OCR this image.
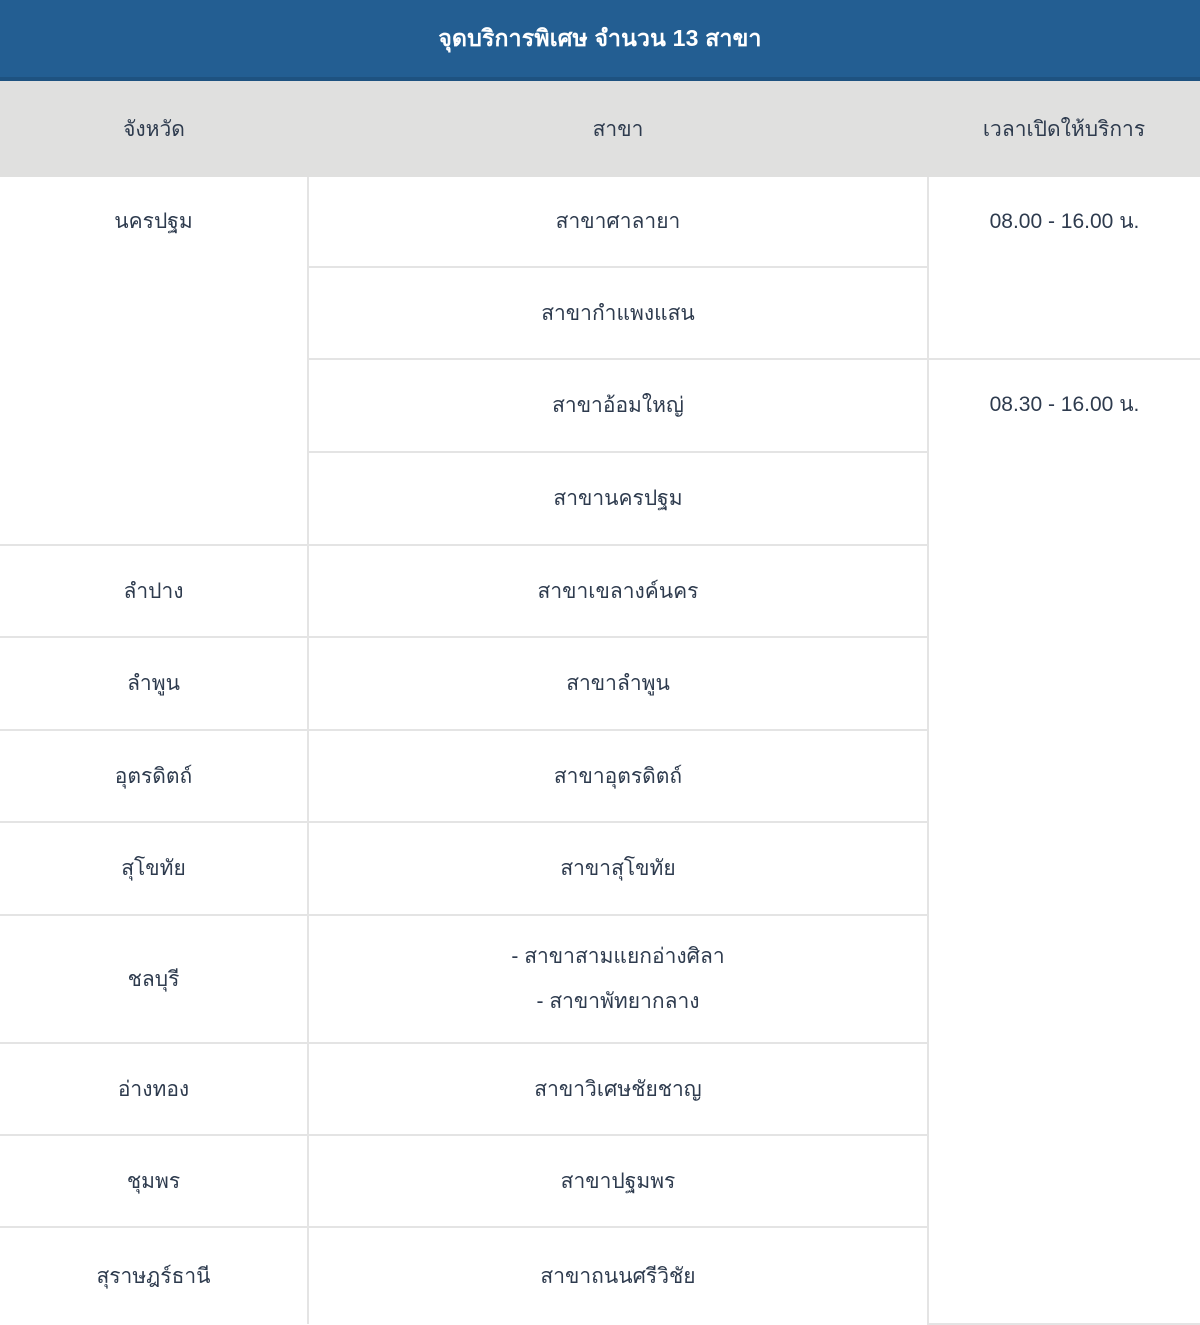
จุดบริการพิเศษ จำนวน 13 สาขา
จังหวัด	สาขา	เวลาเปิดให้บริการ
นครปฐม	สาขาศาลายา	08.00 - 16.00 น.
	สาขากำแพงแสน	
	สาขาอ้อมใหญ่	08.30 - 16.00 น.
	สาขานครปฐม	
ลำปาง	สาขาเขลางค์นคร	
ลำพูน	สาขาลำพูน	
อุตรดิตถ์	สาขาอุตรดิตถ์	
สุโขทัย	สาขาสุโขทัย	
ชลบุรี	- สาขาสามแยกอ่างศิลา
- สาขาพัทยากลาง	

อ่างทอง	สาขาวิเศษชัยชาญ	
ชุมพร	สาขาปฐมพร	
สุราษฎร์ธานี	สาขาถนนศรีวิชัย	
